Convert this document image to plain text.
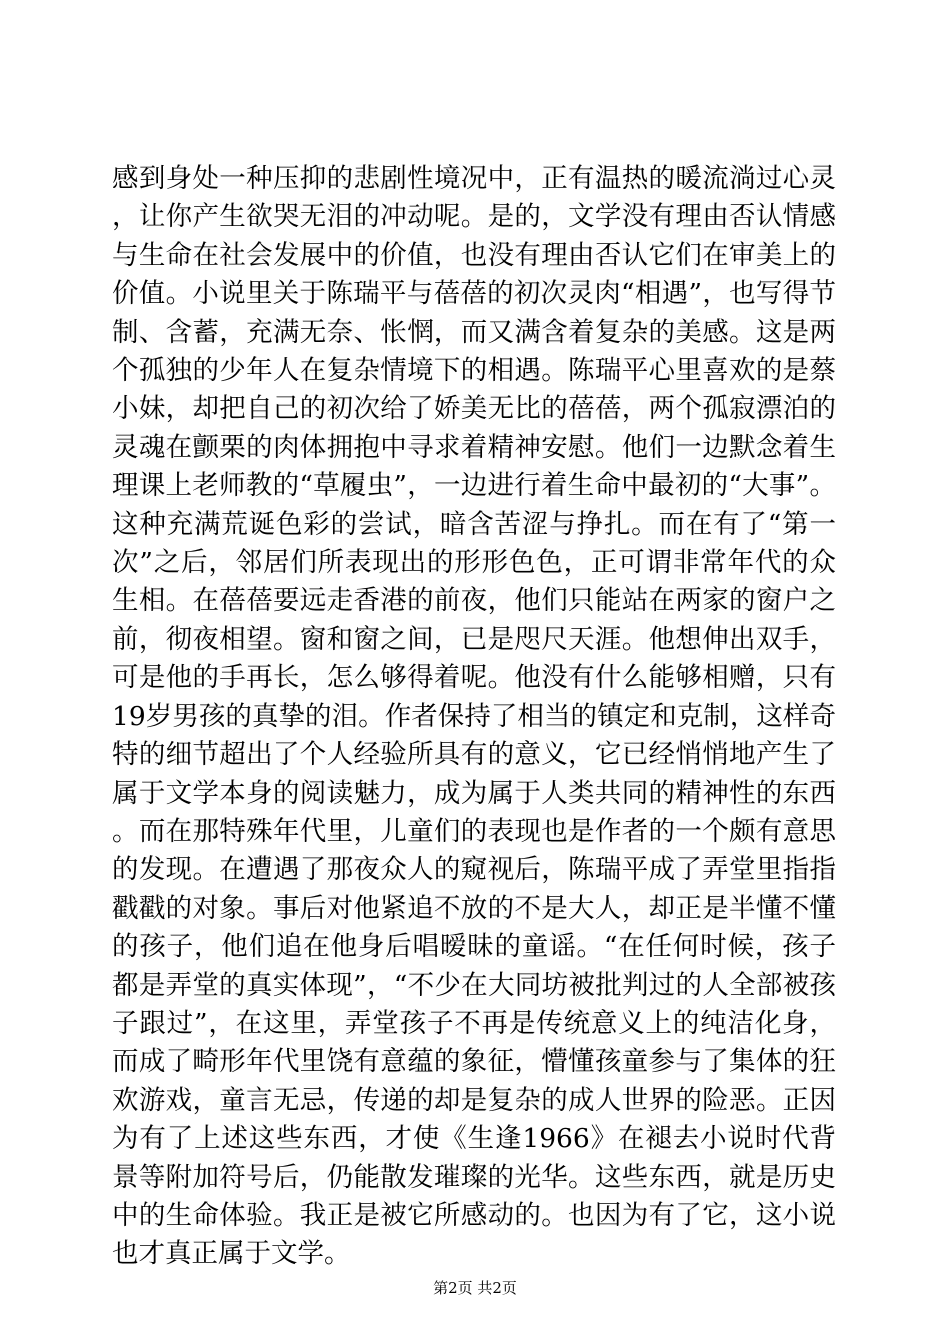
感到身处一种压抑的悲剧性境况中，正有温热的暖流淌过心灵，让你产生欲哭无泪的冲动呢。是的，文学没有理由否认情感与生命在社会发展中的价值，也没有理由否认它们在审美上的价值。小说里关于陈瑞平与蓓蓓的初次灵肉“相遇”，也写得节制、含蓄，充满无奈、怅惘，而又满含着复杂的美感。这是两个孤独的少年人在复杂情境下的相遇。陈瑞平心里喜欢的是蔡小妹，却把自己的初次给了娇美无比的蓓蓓，两个孤寂漂泊的灵魂在颤栗的肉体拥抱中寻求着精神安慰。他们一边默念着生理课上老师教的“草履虫”，一边进行着生命中最初的“大事”。这种充满荒诞色彩的尝试，暗含苦涩与挣扎。而在有了“第一次”之后，邻居们所表现出的形形色色，正可谓非常年代的众生相。在蓓蓓要远走香港的前夜，他们只能站在两家的窗户之前，彻夜相望。窗和窗之间，已是咫尺天涯。他想伸出双手，可是他的手再长，怎么够得着呢。他没有什么能够相赠，只有19岁男孩的真挚的泪。作者保持了相当的镇定和克制，这样奇特的细节超出了个人经验所具有的意义，它已经悄悄地产生了属于文学本身的阅读魅力，成为属于人类共同的精神性的东西。而在那特殊年代里，儿童们的表现也是作者的一个颇有意思的发现。在遭遇了那夜众人的窥视后，陈瑞平成了弄堂里指指戳戳的对象。事后对他紧追不放的不是大人，却正是半懂不懂的孩子，他们追在他身后唱暧昧的童谣。“在任何时候，孩子都是弄堂的真实体现”，“不少在大同坊被批判过的人全部被孩子跟过”，在这里，弄堂孩子不再是传统意义上的纯洁化身，而成了畸形年代里饶有意蕴的象征，懵懂孩童参与了集体的狂欢游戏，童言无忌，传递的却是复杂的成人世界的险恶。正因为有了上述这些东西，才使《生逢1966》在褪去小说时代背景等附加符号后，仍能散发璀璨的光华。这些东西，就是历史中的生命体验。我正是被它所感动的。也因为有了它，这小说也才真正属于文学。

第2页 共2页
